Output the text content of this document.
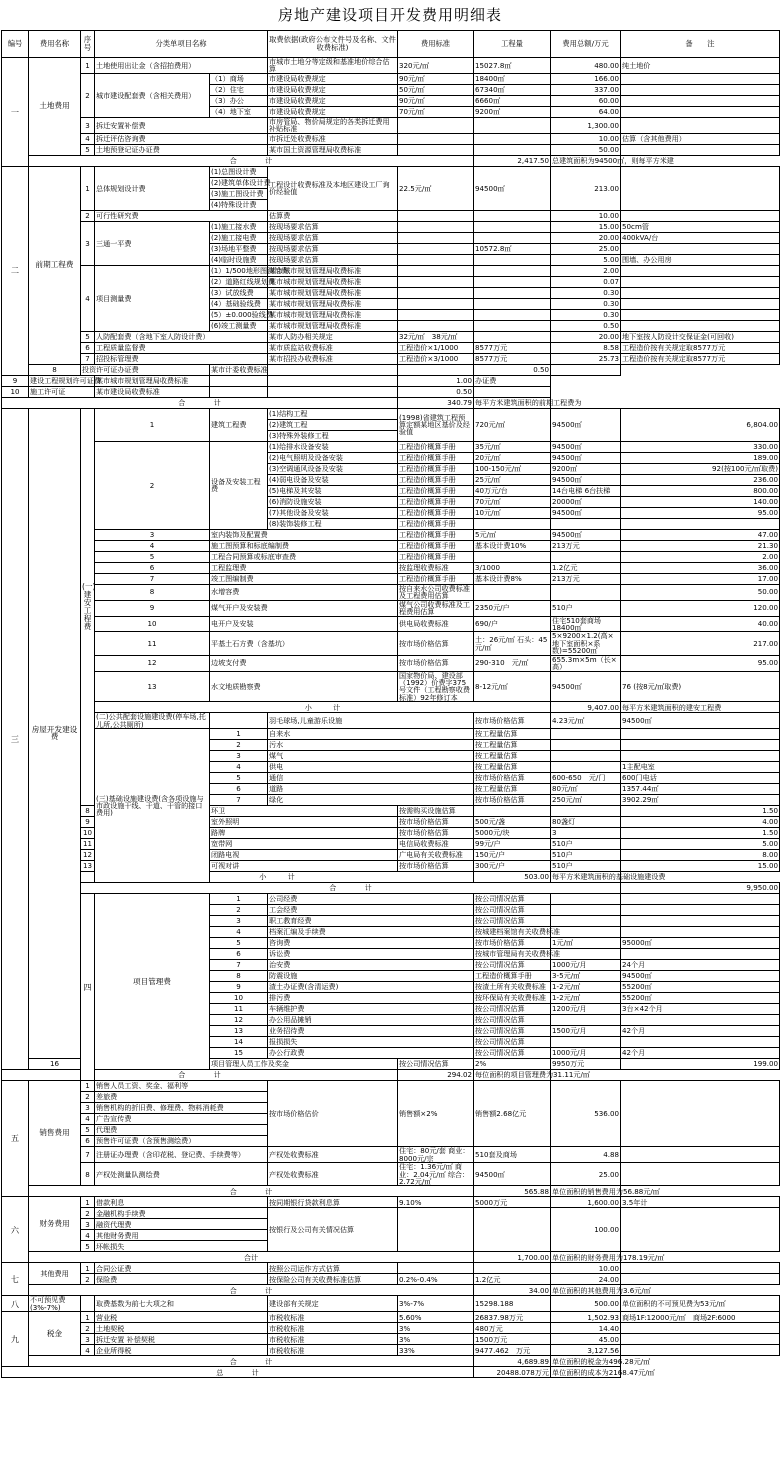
房地产建设项目开发费用明细表
编号	费用名称	序号	分类单项目名称		取费依据(政府公布文件号及名称、文件收费标准)	费用标准	工程量	费用总额/万元	备　　注	
一	土地费用	1	土地使用出让金（含招拍费用）		市城市土地分等定级和基准地价综合估算	320元/㎡	15027.8㎡	480.00	纯土地价	
		2	城市建设配套费（含相关费用）	（1）商场	市建设局收费规定	90元/㎡	18400㎡	166.00		
				（2）住宅	市建设局收费规定	50元/㎡	67340㎡	337.00		
				（3）办公	市建设局收费规定	90元/㎡	6660㎡	60.00		
				（4）地下室	市建设局收费规定	70元/㎡	9200㎡	64.00		
		3	拆迁安置补偿费		市房管局、物价局规定的各类拆迁费用补贴标准			1,300.00		
		4	拆迁评估咨询费		市拆迁处收费标准			10.00	估算（含其他费用）	
		5	土地预登记证办证费		某市国土资源管理局收费标准			50.00		
	合　　　　计						2,417.50	总建筑面积为94500㎡，则每平方米建		
二	前期工程费	1	总体规划设计费	(1)总图设计费	工程设计收费标准及本地区建设工厂询价经验值	22.5元/㎡	94500㎡	213.00		
				(2)建筑单体设计费						
				(3)施工图设计费						
				(4)特殊设计费						
		2	可行性研究费		估算费			10.00		
		3	三通一平费	(1)施工接水费	按现场要求估算			15.00	50cm管	
				(2)施工接电费	按现场要求估算			20.00	400kVA/台	
				(3)场地平整费	按现场要求估算		10572.8㎡	25.00		
				(4)临时设施费	按现场要求估算			5.00	围墙、办公用房	
		4	项目测量费	(1）1/500地形图测绘费	某市城市规划管理局收费标准			2.00		
				(2）道路红线规划费	某市城市规划管理局收费标准			0.07		
				(3）试放线费	某市城市规划管理局收费标准			0.30		
				(4）基础验线费	某市城市规划管理局收费标准			0.30		
				(5）±0.000验线费	某市城市规划管理局收费标准			0.30		
				(6)竣工测量费	某市城市规划管理局收费标准			0.50		
		5	人防配套费（含地下室人防设计费）		某市人防办相关规定	32元/㎡　38元/㎡		20.00	地下室按人防设计交保证金(可回收)	
		6	工程质量监督费		某市质监站收费标准	工程造价×1/1000	8577万元	8.58	工程造价按有关规定取8577万元	
		7	招投标管理费		某市招投办收费标准	工程造价×3/1000	8577万元	25.73	工程造价按有关规定取8577万元	
	8	投资许可证办证费		某市计委收费标准			0.50			
9	建设工程规划许可证费		某市城市规划管理局收费标准			1.00	办证费			
10	施工许可证		某市建设局收费标准			0.50				
合　　　　计						340.79	每平方米建筑面积的前期工程费为			
三	房屋开发建设费	(一)建安工程费	1	建筑工程费	(1)结构工程	(1998)省建筑工程预算定额某地区基价及经验值	720元/㎡	94500㎡	6,804.00	
					(2)建筑工程					
					(3)特殊外装修工程					
			2	设备及安装工程费	(1)给排水设备安装	工程造价概算手册	35元/㎡	94500㎡	330.00	
					(2)电气照明及设备安装	工程造价概算手册	20元/㎡	94500㎡	189.00	
					(3)空调通风设备及安装	工程造价概算手册	100-150元/㎡	9200㎡	92(按100元/㎡取费)	
					(4)弱电设备及安装	工程造价概算手册	25元/㎡	94500㎡	236.00	
					(5)电梯及其安装	工程造价概算手册	40万元/台	14台电梯 6台扶梯	800.00	
					(6)消防设施安装	工程造价概算手册	70元/㎡	20000㎡	140.00	
					(7)其他设备及安装	工程造价概算手册	10元/㎡	94500㎡	95.00	
					(8)装饰装修工程	工程造价概算手册				
			3	室内装饰及配置费		工程造价概算手册	5元/㎡	94500㎡	47.00	
			4	施工图预算和标底编制费		工程造价概算手册	基本设计费10%	213万元	21.30	
			5	工程合同预算或标底审查费		工程造价概算手册			2.00	
			6	工程监理费		按监理收费标准	3/1000	1.2亿元	36.00	
			7	竣工图编制费		工程造价概算手册	基本设计费8%	213万元	17.00	
			8	水增容费		按自来水公司收费标准及工程费用估算			50.00	
			9	煤气开户及安装费		煤气公司收费标准及工程费用估算	2350元/户	510户	120.00	
			10	电开户及安装		供电局收费标准	690/户	住宅510套商场18400㎡	40.00	
			11	平基土石方费（含基坑）		按市场价格估算	土：26元/㎡ 石头：45元/㎡	5×9200×1.2(高×地下室面积×系数)=55200㎡	217.00	
			12	边坡支付费		按市场价格估算	290-310　元/㎡	655.3m×5m（长×高）	95.00	
			13	水文地质勘察费		国家物价局、建设部（1992）价费字375号文件（工程勘察收费标准）92年修订本	8-12元/㎡	94500㎡	76 (按8元/㎡取费)	
			小　　　计					9,407.00	每平方米建筑面积的建安工程费	
			(二)公共配套设施建设费(停车场,托儿所,公共厕所)		羽毛球场,儿童游乐设施		按市场价格估算	4.23元/㎡	94500㎡		
			(三)基础设施建设费(含各项设施与市政设施干线、干道、干管的接口费用)	1	自来水		按工程量估算				
				2	污水		按工程量估算				
				3	煤气		按工程量估算				
				4	供电		按工程量估算		1主配电室		
				5	通信		按市场价格估算	600-650　元/门	600门电话		
				6	道路		按工程量估算	80元/㎡	1357.44㎡		
				7	绿化		按市场价格估算	250元/㎡	3902.29㎡		
		8		环卫		按需购买设施估算			1.50	
		9		室外照明		按市场价格估算	500元/盏	80盏灯	4.00	
		10		路牌		按市场价格估算	5000元/块	3	1.50	
		11		宽带网		电信局收费标准	99元/户	510户	5.00	
		12		闭路电视		广电局有关收费标准	150元/户	510户	8.00	
		13		可视对讲		按市场价格估算	300元/户	510户	15.00	
		小　　　计					503.00	每平方米建筑面积的基础设施建设费		
		合　　　　计							9,950.00	
		四	项目管理费	1	公司经费		按公司情况估算				
				2	工会经费		按公司情况估算				
				3	职工教育经费		按公司情况估算				
				4	档案汇编及手续费		按城建档案馆有关收费标准				
				5	咨询费		按市场价格估算	1元/㎡	95000㎡		
				6	诉讼费		按城市管理局有关收费标准				
				7	治安费		按公司情况估算	1000元/月	24个月		
				8	防震设施		工程造价概算手册	3-5元/㎡	94500㎡		
				9	渣土办证费(含清运费)		按渣土所有关收费标准	1-2元/㎡	55200㎡		
				10	排污费		按环保局有关收费标准	1-2元/㎡	55200㎡		
				11	车辆维护费		按公司情况估算	1200元/月	3台×42个月		
				12	办公用品摊销		按公司情况估算				
				13	业务招待费		按公司情况估算	1500元/月	42个月		
				14	报损损失		按公司情况估算				
				15	办公行政费		按公司情况估算	1000元/月	42个月		
	16			项目管理人员工作及奖金		按公司情况估算	2%	9950万元	199.00	
合　　　　计						294.02	每位面积的项目管理费为31.11元/㎡			
五	销售费用	1	销售人员工资、奖金、福利等		按市场价格估价	销售额×2%	销售额2.68亿元	536.00		
		2	差旅费							
		3	销售机构的折旧费、修理费、物料消耗费							
		4	广告宣传费							
		5	代理费							
		6	预售许可证费（含预售测绘费）							
		7	注册证办理费（含印花税、登记费、手续费等）		产权处收费标准	住宅：80元/套 商业：8000元/宗	510套及商场	4.88		
		8	产权处测量队测绘费		产权处收费标准	住宅：1.36元/㎡ 商业：2.04元/㎡ 综合：2.72元/㎡	94500㎡	25.00		
	合　　　　计						565.88	单位面积的销售费用为56.88元/㎡		
六	财务费用	1	借款利息		按同期银行贷款利息算	9.10%	5000万元	1,600.00	3.5年计	
		2	金融机构手续费		按银行及公司有关情况估算			100.00		
		3	融资代理费							
		4	其他财务费用							
		5	坏帐损失							
	合计						1,700.00	单位面积的财务费用为178.19元/㎡		
七	其他费用	1	合同公证费		按照公司运作方式估算			10.00		
		2	保险费		按保险公司有关收费标准估算	0.2%-0.4%	1.2亿元	24.00		
	合　　　　计						34.00	单位面积的其他费用为3.6元/㎡		
八	不可预见费(3%-7%)		取费基数为前七大项之和		建设部有关规定	3%-7%	15298.188	500.00	单位面积的不可预见费为53元/㎡	
九	税金	1	营业税		市税收标准	5.60%	26837.98万元	1,502.93	商场1F:12000元/㎡　商场2F:6000	
		2	土地契税		市税收标准	3%	480万元	14.40		
		3	拆迁安置 补偿契税		市税收标准	3%	1500万元	45.00		
		4	企业所得税		市税收标准	33%	9477.462　万元	3,127.56		
	合　　　　计						4,689.89	单位面积的税金为496.28元/㎡		
总　　　　计							20488.078万元	单位面积的成本为2168.47元/㎡		
